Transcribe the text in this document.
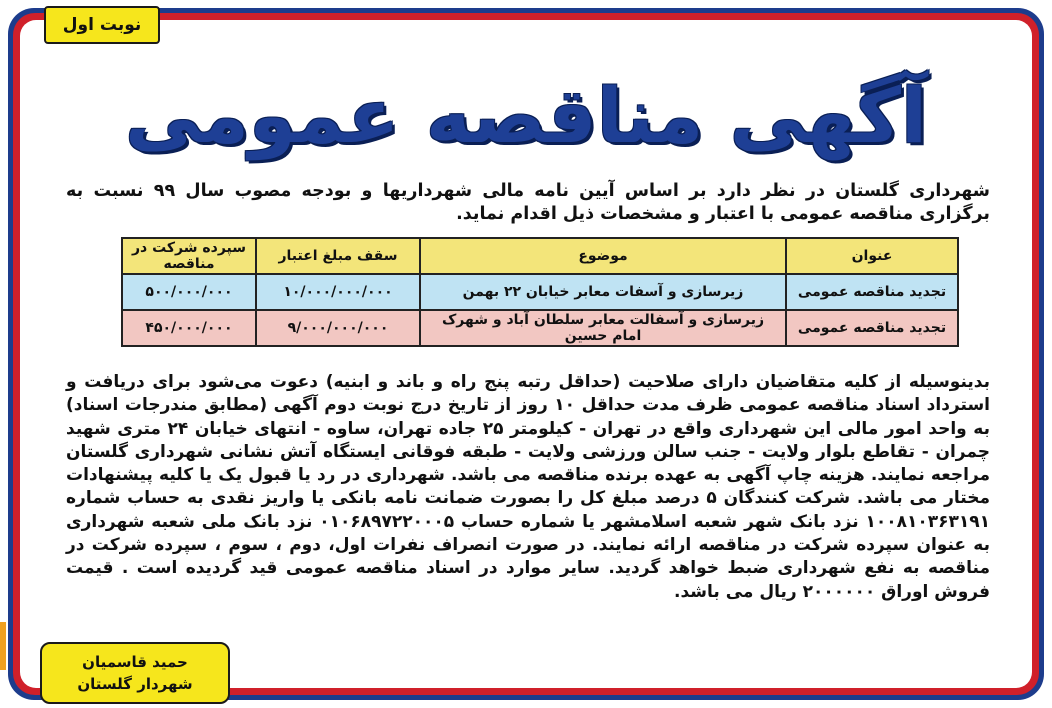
نوبت اول
آگهی مناقصه عمومی
شهرداری گلستان در نظر دارد بر اساس آیین نامه مالی شهرداریها و بودجه مصوب سال ۹۹ نسبت به برگزاری مناقصه عمومی با اعتبار و مشخصات ذیل اقدام نماید.
عنوان	موضوع	سقف مبلغ اعتبار	سپرده شرکت در مناقصه
تجدید مناقصه عمومی	زیرسازی و آسفات معابر خیابان ۲۲ بهمن	۱۰/۰۰۰/۰۰۰/۰۰۰	۵۰۰/۰۰۰/۰۰۰
تجدید مناقصه عمومی	زیرسازی و آسفالت معابر سلطان آباد و شهرک امام حسین	۹/۰۰۰/۰۰۰/۰۰۰	۴۵۰/۰۰۰/۰۰۰
بدینوسیله از کلیه متقاضیان دارای صلاحیت (حداقل رتبه پنج راه و باند و ابنیه) دعوت می‌شود برای دریافت و استرداد اسناد مناقصه عمومی ظرف مدت حداقل ۱۰ روز از تاریخ درج نوبت دوم آگهی (مطابق مندرجات اسناد) به واحد امور مالی این شهرداری واقع در تهران - کیلومتر ۲۵ جاده تهران، ساوه - انتهای خیابان ۲۴ متری شهید چمران - تقاطع بلوار ولایت - جنب سالن ورزشی ولایت - طبقه فوقانی ایستگاه آتش نشانی شهرداری گلستان مراجعه نمایند. هزینه چاپ آگهی به عهده برنده مناقصه می باشد. شهرداری در رد یا قبول یک یا کلیه پیشنهادات مختار می باشد. شرکت کنندگان ۵ درصد مبلغ کل را بصورت ضمانت نامه بانکی یا واریز نقدی به حساب شماره ۱۰۰۸۱۰۳۶۳۱۹۱ نزد بانک شهر شعبه اسلامشهر یا شماره حساب ۰۱۰۶۸۹۷۲۲۰۰۰۵ نزد بانک ملی شعبه شهرداری به عنوان سپرده شرکت در مناقصه ارائه نمایند. در صورت انصراف نفرات اول، دوم ، سوم ، سپرده شرکت در مناقصه به نفع شهرداری ضبط خواهد گردید. سایر موارد در اسناد مناقصه عمومی قید گردیده است . قیمت فروش اوراق ۲۰۰۰۰۰۰ ریال می باشد.
حمید قاسمیان
شهردار گلستان
